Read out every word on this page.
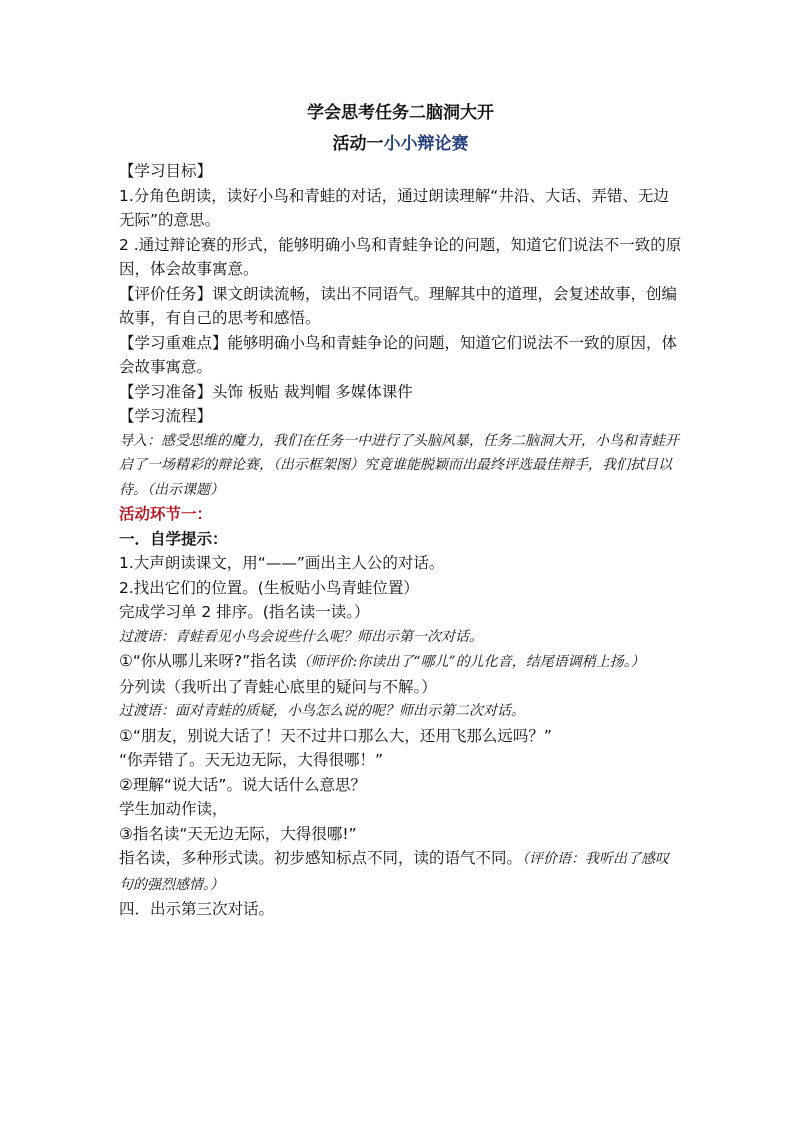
学会思考任务二脑洞大开

活动一小小辩论赛

【学习目标】

1.分角色朗读，读好小鸟和青蛙的对话，通过朗读理解“井沿、大话、弄错、无边无际”的意思。

2 .通过辩论赛的形式，能够明确小鸟和青蛙争论的问题，知道它们说法不一致的原因，体会故事寓意。

【评价任务】课文朗读流畅，读出不同语气。理解其中的道理，会复述故事，创编故事，有自己的思考和感悟。

【学习重难点】能够明确小鸟和青蛙争论的问题，知道它们说法不一致的原因，体会故事寓意。

【学习准备】头饰 板贴 裁判帽 多媒体课件

【学习流程】

导入：感受思维的魔力，我们在任务一中进行了头脑风暴，任务二脑洞大开，小鸟和青蛙开启了一场精彩的辩论赛，（出示框架图）究竟谁能脱颖而出最终评选最佳辩手，我们拭目以待。（出示课题）

活动环节一：

一．自学提示：

1.大声朗读课文，用“——”画出主人公的对话。

2.找出它们的位置。(生板贴小鸟青蛙位置）

完成学习单 2 排序。(指名读一读。）

过渡语：青蛙看见小鸟会说些什么呢？师出示第一次对话。

①“你从哪儿来呀?”指名读（师评价:你读出了“哪儿”的儿化音，结尾语调稍上扬。）

分列读（我听出了青蛙心底里的疑问与不解。）

过渡语：面对青蛙的质疑，小鸟怎么说的呢？师出示第二次对话。

①“朋友，别说大话了！天不过井口那么大，还用飞那么远吗？”

“你弄错了。天无边无际，大得很哪！”

②理解“说大话”。说大话什么意思？

学生加动作读，

③指名读“天无边无际，大得很哪!”

指名读，多种形式读。初步感知标点不同，读的语气不同。（评价语：我听出了感叹句的强烈感情。）

四．出示第三次对话。
